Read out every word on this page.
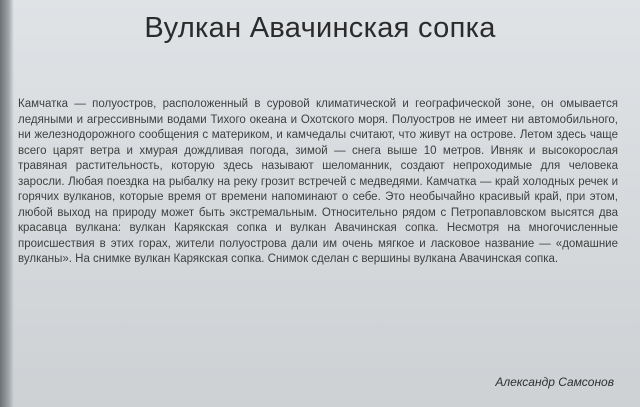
Вулкан Авачинская сопка

Камчатка — полуостров, расположенный в суровой климатической и географической зоне, он омывается ледяными и агрессивными водами Тихого океана и Охотского моря. Полуостров не имеет ни автомобильного, ни железнодорожного сообщения с материком, и камчедалы считают, что живут на острове. Летом здесь чаще всего царят ветра и хмурая дождливая погода, зимой — снега выше 10 метров. Ивняк и высокорослая травяная растительность, которую здесь называют шеломанник, создают непроходимые для человека заросли. Любая поездка на рыбалку на реку грозит встречей с медведями. Камчатка — край холодных речек и горячих вулканов, которые время от времени напоминают о себе. Это необычайно красивый край, при этом, любой выход на природу может быть экстремальным. Относительно рядом с Петропавловском высятся два красавца вулкана: вулкан Карякская сопка и вулкан Авачинская сопка. Несмотря на многочисленные происшествия в этих горах, жители полуострова дали им очень мягкое и ласковое название — «домашние вулканы». На снимке вулкан Карякская сопка. Снимок сделан с вершины вулкана Авачинская сопка.

Александр Самсонов
